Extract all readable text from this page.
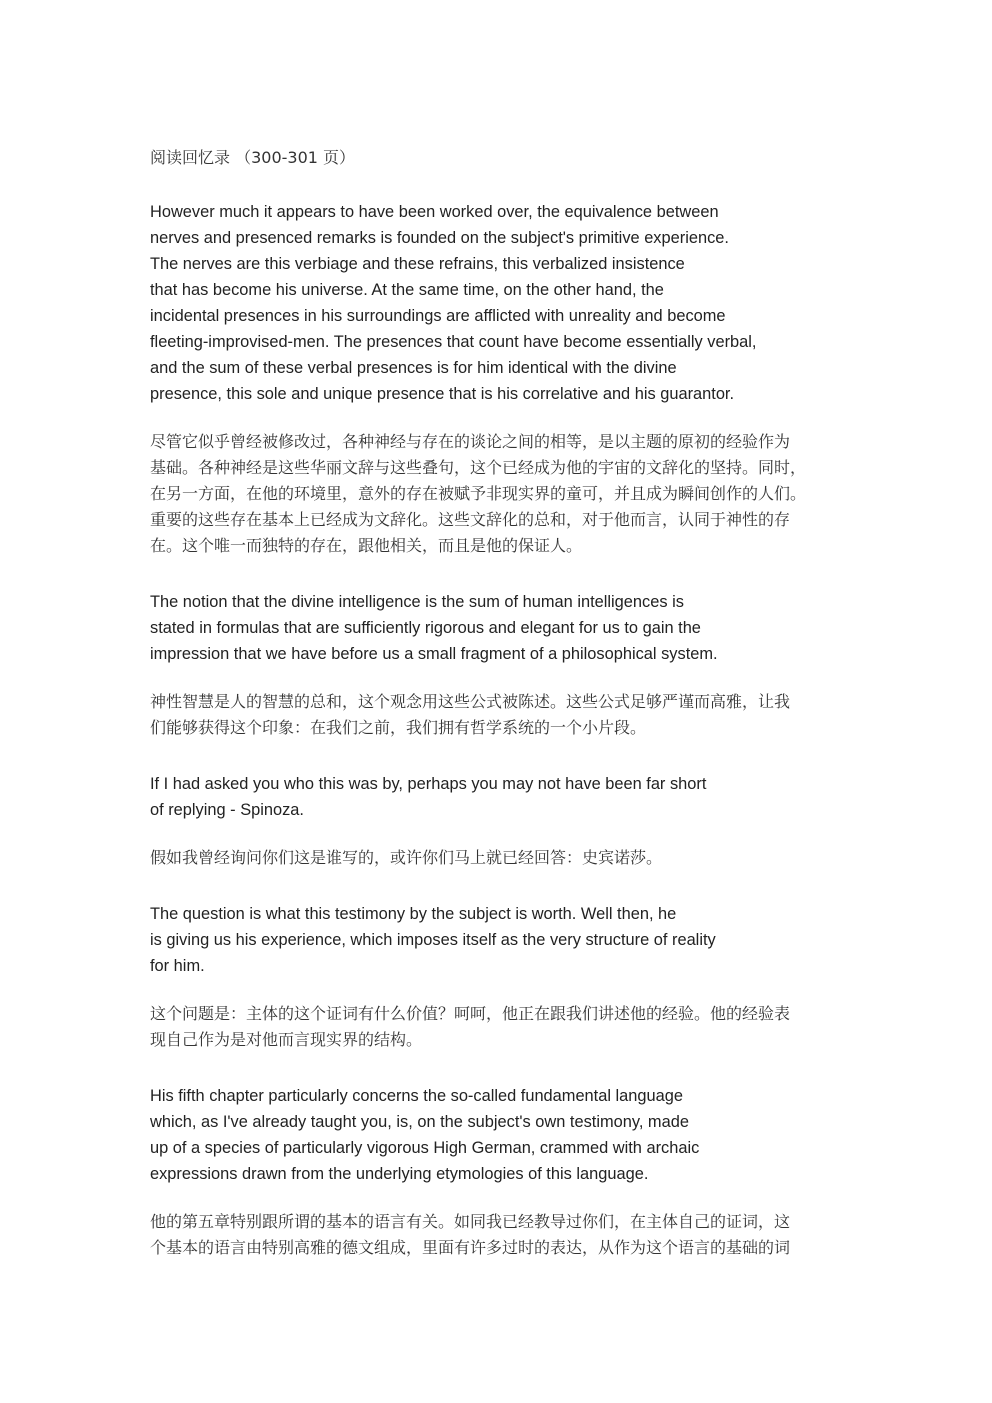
阅读回忆录 （300-301 页）

However much it appears to have been worked over, the equivalence between
nerves and presenced remarks is founded on the subject's primitive experience.
The nerves are this verbiage and these refrains, this verbalized insistence
that has become his universe. At the same time, on the other hand, the
incidental presences in his surroundings are afflicted with unreality and become
fleeting-improvised-men. The presences that count have become essentially verbal,
and the sum of these verbal presences is for him identical with the divine
presence, this sole and unique presence that is his correlative and his guarantor.

尽管它似乎曾经被修改过，各种神经与存在的谈论之间的相等，是以主题的原初的经验作为
基础。各种神经是这些华丽文辞与这些叠句，这个已经成为他的宇宙的文辞化的坚持。同时，
在另一方面，在他的环境里，意外的存在被赋予非现实界的童可，并且成为瞬间创作的人们。
重要的这些存在基本上已经成为文辞化。这些文辞化的总和，对于他而言，认同于神性的存
在。这个唯一而独特的存在，跟他相关，而且是他的保证人。

The notion that the divine intelligence is the sum of human intelligences is
stated in formulas that are sufficiently rigorous and elegant for us to gain the
impression that we have before us a small fragment of a philosophical system.

神性智慧是人的智慧的总和，这个观念用这些公式被陈述。这些公式足够严谨而高雅，让我
们能够获得这个印象：在我们之前，我们拥有哲学系统的一个小片段。

If I had asked you who this was by, perhaps you may not have been far short
of replying - Spinoza.

假如我曾经询问你们这是谁写的，或许你们马上就已经回答：史宾诺莎。

The question is what this testimony by the subject is worth. Well then, he
is giving us his experience, which imposes itself as the very structure of reality
for him.

这个问题是：主体的这个证词有什么价值？呵呵，他正在跟我们讲述他的经验。他的经验表
现自己作为是对他而言现实界的结构。

His fifth chapter particularly concerns the so-called fundamental language
which, as I've already taught you, is, on the subject's own testimony, made
up of a species of particularly vigorous High German, crammed with archaic
expressions drawn from the underlying etymologies of this language.

他的第五章特别跟所谓的基本的语言有关。如同我已经教导过你们，在主体自己的证词，这
个基本的语言由特别高雅的德文组成，里面有许多过时的表达，从作为这个语言的基础的词
